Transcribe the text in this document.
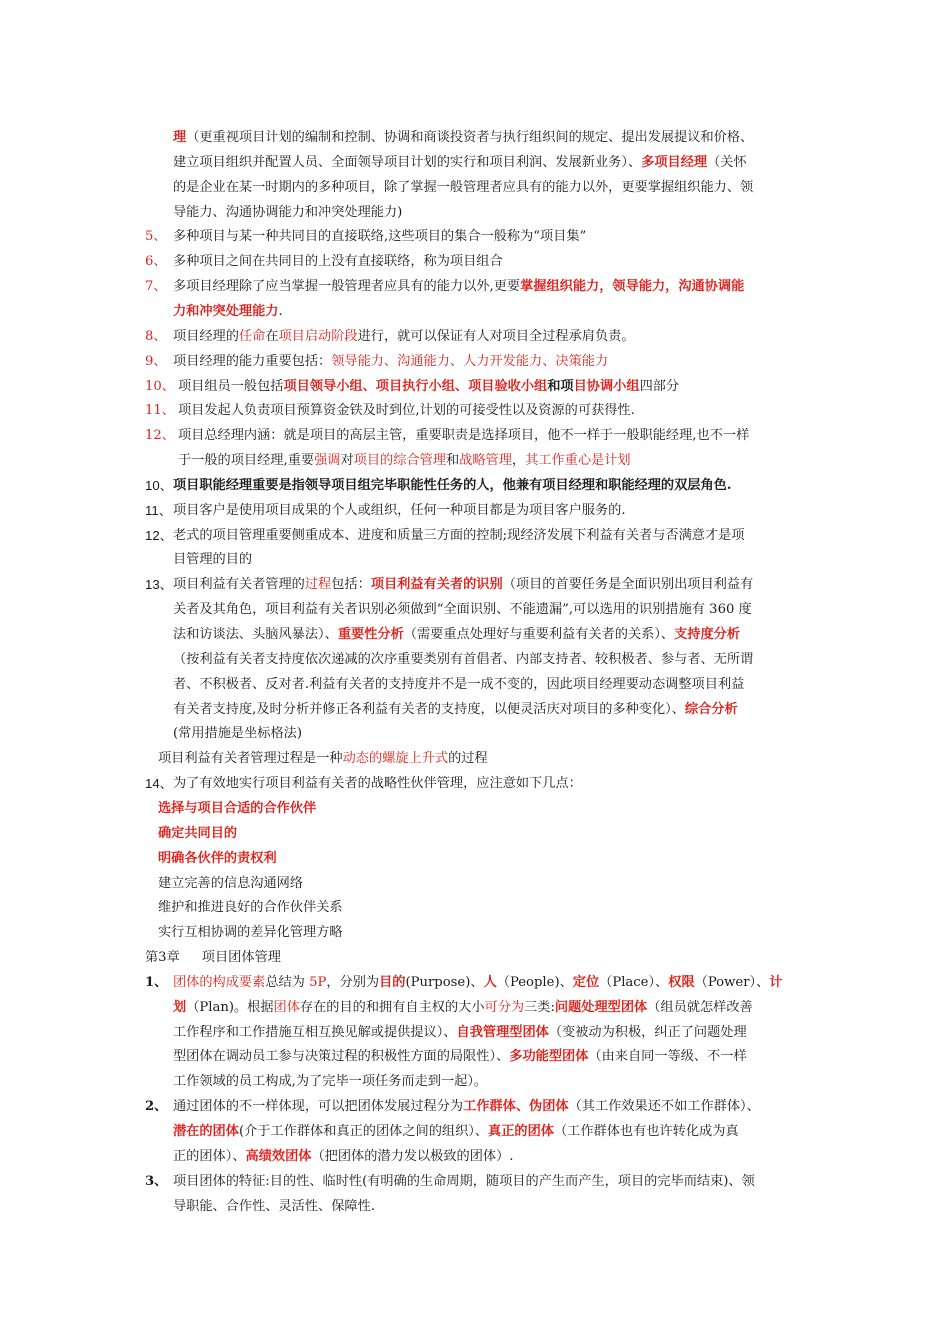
理（更重视项目计划的编制和控制、协调和商谈投资者与执行组织间的规定、提出发展提议和价格、
建立项目组织并配置人员、全面领导项目计划的实行和项目利润、发展新业务）、多项目经理（关怀
的是企业在某一时期内的多种项目，除了掌握一般管理者应具有的能力以外，更要掌握组织能力、领
导能力、沟通协调能力和冲突处理能力)
5、 多种项目与某一种共同目的直接联络,这些项目的集合一般称为“项目集”
6、 多种项目之间在共同目的上没有直接联络，称为项目组合
7、 多项目经理除了应当掌握一般管理者应具有的能力以外,更要掌握组织能力，领导能力，沟通协调能
力和冲突处理能力.
8、 项目经理的任命在项目启动阶段进行，就可以保证有人对项目全过程承肩负责。
9、 项目经理的能力重要包括：领导能力、沟通能力、人力开发能力、决策能力
10、 项目组员一般包括项目领导小组、项目执行小组、项目验收小组和项目协调小组四部分
11、 项目发起人负责项目预算资金铁及时到位,计划的可接受性以及资源的可获得性.
12、 项目总经理内涵：就是项目的高层主管，重要职责是选择项目，他不一样于一般职能经理,也不一样
于一般的项目经理,重要强调对项目的综合管理和战略管理，其工作重心是计划
10、 项目职能经理重要是指领导项目组完毕职能性任务的人，他兼有项目经理和职能经理的双层角色.
11、 项目客户是使用项目成果的个人或组织，任何一种项目都是为项目客户服务的.
12、 老式的项目管理重要侧重成本、进度和质量三方面的控制;现经济发展下利益有关者与否满意才是项
目管理的目的
13、 项目利益有关者管理的过程包括：项目利益有关者的识别（项目的首要任务是全面识别出项目利益有
关者及其角色，项目利益有关者识别必须做到“全面识别、不能遗漏”,可以选用的识别措施有 360 度
法和访谈法、头脑风暴法）、重要性分析（需要重点处理好与重要利益有关者的关系）、支持度分析
（按利益有关者支持度依次递减的次序重要类别有首倡者、内部支持者、较积极者、参与者、无所谓
者、不积极者、反对者.利益有关者的支持度并不是一成不变的，因此项目经理要动态调整项目利益
有关者支持度,及时分析并修正各利益有关者的支持度，以便灵活庆对项目的多种变化）、综合分析
(常用措施是坐标格法)
项目利益有关者管理过程是一种动态的螺旋上升式的过程
14、 为了有效地实行项目利益有关者的战略性伙伴管理，应注意如下几点：
选择与项目合适的合作伙伴
确定共同目的
明确各伙伴的责权利
建立完善的信息沟通网络
维护和推进良好的合作伙伴关系
实行互相协调的差异化管理方略
第3章 项目团体管理
1、 团体的构成要素总结为 5P，分别为目的(Purpose)、人（People)、定位（Place）、权限（Power）、计
划（Plan)。根据团体存在的目的和拥有自主权的大小可分为三类:问题处理型团体（组员就怎样改善
工作程序和工作措施互相互换见解或提供提议）、自我管理型团体（变被动为积极，纠正了问题处理
型团体在调动员工参与决策过程的积极性方面的局限性）、多功能型团体（由来自同一等级、不一样
工作领域的员工构成,为了完毕一项任务而走到一起）。
2、 通过团体的不一样体现，可以把团体发展过程分为工作群体、伪团体（其工作效果还不如工作群体）、
潜在的团体(介于工作群体和真正的团体之间的组织）、真正的团体（工作群体也有也许转化成为真
正的团体）、高绩效团体（把团体的潜力发以极致的团体）.
3、 项目团体的特征:目的性、临时性(有明确的生命周期，随项目的产生而产生，项目的完毕而结束)、领
导职能、合作性、灵活性、保障性.
